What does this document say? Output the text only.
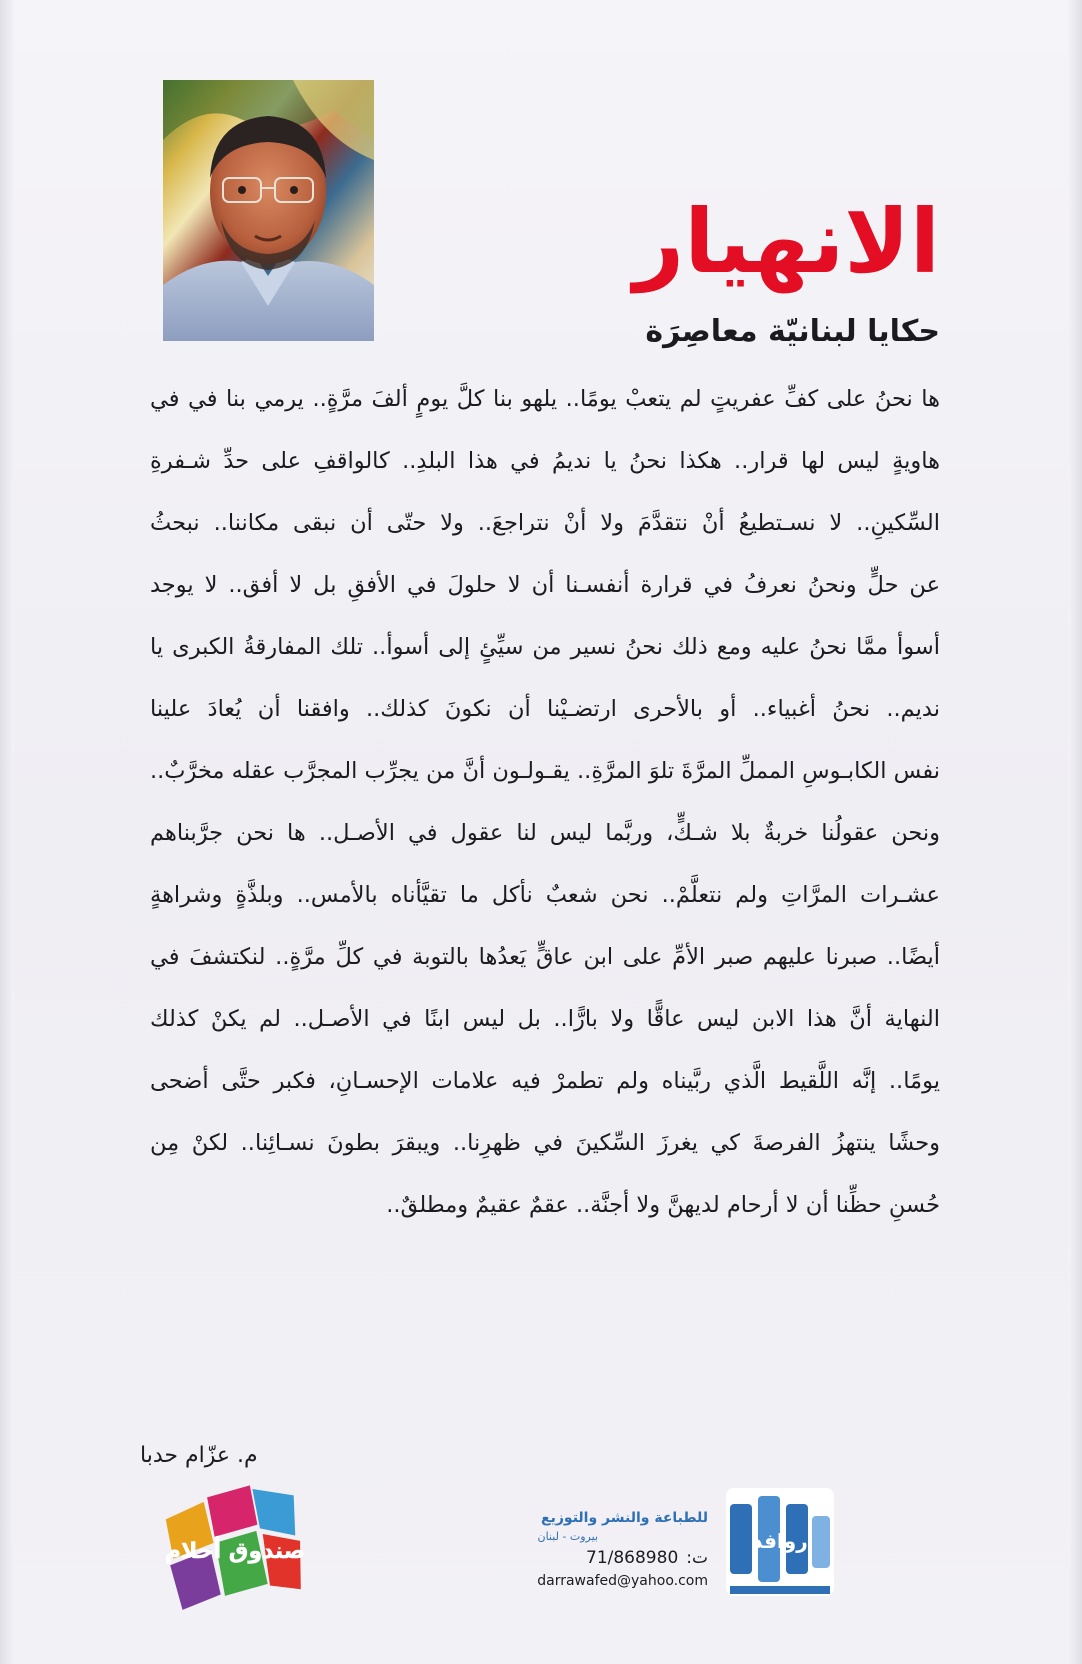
الانهيار
حكايا لبنانيّة معاصِرَة
ها نحنُ على كفِّ عفريتٍ لم يتعبْ يومًا.. يلهو بنا كلَّ يومٍ ألفَ مرَّةٍ.. يرمي بنا في في
هاويةٍ ليس لها قرار.. هكذا نحنُ يا نديمُ في هذا البلدِ.. كالواقفِ على حدِّ شـفرةِ
السِّكينِ.. لا نسـتطيعُ أنْ نتقدَّمَ ولا أنْ نتراجعَ.. ولا حتّى أن نبقى مكاننا.. نبحثُ
عن حلٍّ ونحنُ نعرفُ في قرارة أنفسـنا أن لا حلولَ في الأفقِ بل لا أفق.. لا يوجد
أسوأ ممَّا نحنُ عليه ومع ذلك نحنُ نسير من سيِّئٍ إلى أسوأ.. تلك المفارقةُ الكبرى يا
نديم.. نحنُ أغبياء.. أو بالأحرى ارتضـيْنا أن نكونَ كذلك.. وافقنا أن يُعادَ علينا
نفس الكابـوسِ المملِّ المرَّةَ تلوَ المرَّةِ.. يقـولـون أنَّ من يجرِّب المجرَّب عقله مخرَّبٌ..
ونحن عقولُنا خربةٌ بلا شـكٍّ، وربَّما ليس لنا عقول في الأصـل.. ها نحن جرَّبناهم
عشـرات المرَّاتِ ولم نتعلَّمْ.. نحن شعبٌ نأكل ما تقيَّأناه بالأمس.. وبلذَّةٍ وشراهةٍ
أيضًا.. صبرنا عليهم صبر الأمِّ على ابن عاقٍّ يَعدُها بالتوبة في كلِّ مرَّةٍ.. لنكتشفَ في
النهاية أنَّ هذا الابن ليس عاقًّا ولا بارًّا.. بل ليس ابنًا في الأصـل.. لم يكنْ كذلك
يومًا.. إنَّه اللَّقيط الَّذي ربَّيناه ولم تطمرْ فيه علامات الإحسـانِ، فكبر حتَّى أضحى
وحشًا ينتهزُ الفرصةَ كي يغرزَ السِّكينَ في ظهرِنا.. ويبقرَ بطونَ نسـائِنا.. لكنْ مِن
حُسنِ حظِّنا أن لا أرحام لديهنَّ ولا أجنَّة.. عقمٌ عقيمٌ ومطلقٌ..
م. عزّام حدبا
صندوق أحلام
للطباعة والنشر والتوزيع
بيروت - لبنان
ت:71/868980
darrawafed@yahoo.com
روافد
